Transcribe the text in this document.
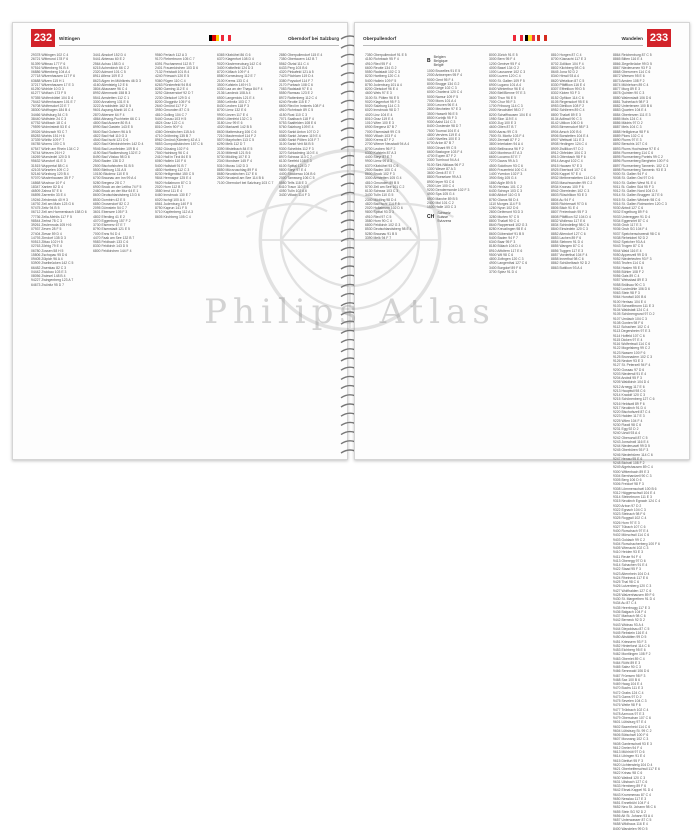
232	Wittingen	Oberndorf bei Salzburg
29378 Wittingen 102 C 4
26721 Wittmund 178 F 6
51399 Wittnau 177 F 6
97516 Wittenberg 91 B 4
06886 Wittenberg 104 A 4
27718 Witzenhausen 117 F 6
63688 Witzen 115 H 1
37217 Witzenhausen 17 E 3
61250 Wohlde 10 D 3
61277 Wolfach 173 F 5
97355 Wolfenbüttel 104 D 4
75442 Wolfenhausen 101 E 7
76708 Wolfersdorf 22 E 7
38300 Wolfhagen 184 B 4
34466 Wolfsburg 34 C 5
38440 Wolfstein 24 C 3
67752 Wollbach 18 C 4
79599 Wolmirstedt 53 E 4
39326 Wolnzach 93 C 7
85283 Worbis 151 H 6
37339 Wörlitz 109 F 7
06785 Worms 100 C 5
67547 Wörth am Rhein 134 C 2
76744 Wriezen 26 H 2
16269 Wunsiedel 120 D 5
95632 Wunstorf 41 E 3
31515 Wuppertal 88 C 4
42103 Würselen 109 C 2
52146 Würzburg 120 B 4
97070 Wusterhausen 35 F 7
16868 Wustrow 10 F 4
18347 Xanten 82 D 4
46509 Zahna 57 E 6
06895 Zarrentin 33 E 4
19246 Zehdenick 40 H 3
16792 Zeil am Main 123 G 6
97475 Zeitz 94 B 5
06712 Zell am Harmersbach 158 D 6
77736 Zella-Mehlis 117 F 5
98544 Zerbst 78 C 3
39261 Zeulenroda 105 H 6
07937 Zeven 28 F 5
27404 Ziesar 59 D 4
14793 Zirndorf 135 D 3
90513 Zittau 102 H 5
02763 Zörbig 79 E 4
06780 Zossen 58 H 5
15806 Zschopau 95 D 6
09405 Zülpich 96 A 4
53909 Zweibrücken 142 C 5
66482 Zwenkau 82 C 3
04442 Zwickau 103 E 3
08056 Zwiesel 148 B 4
94227 Zwingenberg 123 A 7
64673 Zwönitz 95 D 7
3441 Absdorf 152 D 4
5441 Abtenau 60 E 2
2564 Achau 158 D 4
6215 Achenkirch 66 C 2
2320 Admont 101 C 5
8911 Aflenz 109 E 2
8623 Aigen im Mühlkreis 46 D 3
4160 Allentsteig 12 E 6
3804 Altaussee 96 C 4
8992 Altenmarkt 158 B 3
5541 Amstetten 112 C 1
3300 Annaberg 131 E 6
3222 Arnoldstein 162 D 5
9601 Aspang-Markt 10 C 4
2870 Attersee 64 F 4
4864 Attnang-Puchheim 66 C 1
4800 Bad Aussee 80 B 4
8990 Bad Gastein 143 E 5
5640 Bad Goisern 96 A 5
4822 Bad Hall 110 G 3
4540 Bad Ischl 121 D 6
4820 Bad Kleinkirchheim 142 D 4
9546 Bad Leonfelden 109 B 4
4190 Bad Radkersburg 132 E 2
8490 Bad Vöslau 98 D 6
2540 Baden 136 D 2
2500 Bischofshofen 51 B 5
5500 Bleiburg 131 A 5
10150 Bludenz 110 E 5
6700 Braunau am Inn 99 A 4
5280 Bregenz 28 C 7
6900 Bruck an der Leitha 74 F 5
2460 Bruck an der Mur 64 E 1
8600 Deutschlandsberg 13 D 6
8530 Dornbirn 42 E 5
6850 Drosendorf 82 C 2
2095 Dürnstein 54 C 7
3601 Ebensee 105 F 3
4802 Eferding 41 E 2
4070 Eggenburg 157 F 2
3730 Eisenerz 67 E 7
8790 Eisenstadt 121 E 5
7000 Enns 94 D 4
4470 Faak am See 132 B 7
9583 Feldbach 133 C 6
8330 Feldkirch 143 D 5
6800 Feldkirchen 144 F 4
9560 Ferlach 112 A 3
9170 Fieberbrunn 105 C 7
6391 Fischamend 112 B 7
2401 Frauenkirchen 103 D 6
7132 Freistadt 101 B 4
4240 Friesach 120 E 5
9360 Fügen 110 C 4
6263 Fürstenfeld 94 B 6
8280 Gaming 112 E 4
3292 Gänserndorf 92 D 7
2230 Gleisdorf 129 D 4
8200 Gloggnitz 105 F 6
2640 Gmünd 117 F 2
3950 Gmunden 87 C 5
4810 Golling 104 C 7
5440 Gosau 103 H 5
4824 Graz 122 C 4
8010 Grein 90 F 6
4360 Grieskirchen 115 A 6
4710 Gröbming 135 B 7
8962 Gmünd (Kärnten) 42 A 1
9853 Gumpoldskirchen 157 C 6
2352 Güssing 102 F 6
7540 Hainburg 96 C 4
2410 Hall in Tirol 84 E 5
6060 Hallein 110 F 6
5400 Hallstatt 91 B 7
4830 Hartberg 112 C 3
8230 Heiligenblut 150 C 5
9844 Hermagor 125 E 4
9620 Hollabrunn 87 C 3
2020 Horn 112 B 7
3580 Imst 111 E 4
6460 Innsbruck 130 E 7
6020 Ischgl 100 A 4
6561 Judenburg 140 F 5
8750 Kaprun 141 F 5
5710 Kapfenberg 112 A 3
8605 Kirchberg 105 C 4
6365 Kitzbühel 86 G 6
6370 Klagenfurt 108 D 4
9020 Klosterneuburg 142 C 6
3400 Knittelfeld 124 D 3
8720 Köflach 109 F 4
8580 Korneuburg 112 E 7
2100 Krems 133 C 4
3500 Kufstein 149 H 3
6330 Laa an der Thaya 84 F 4
2136 Landeck 108 A 4
6500 Langenlois 121 E 4
3550 Leibnitz 103 C 7
8430 Leoben 118 F 3
8700 Lienz 132 E 6
9900 Liezen 117 E 4
8940 Lilienfeld 132 C 3
3180 Linz 99 E 6
4020 Mariazell 142 B 5
8630 Mattersburg 106 C 6
7210 Mauterndorf 114 F 2
5570 Mayrhofen 113 C 5
6290 Melk 112 D 7
3390 Mistelbach 84 E 5
2130 Mittersill 121 B 6
5730 Mödling 107 E 3
2340 Mondsee 145 F 4
5310 Murau 142 D 3
8850 Mürzzuschlag 89 F 6
8680 Neunkirchen 117 E 6
2620 Neusiedl am See 114 B 6
7100 Oberndorf bei Salzburg 103 C 7
2880 Oberpullendorf 115 E 4
7350 Obertauern 142 B 7
5562 Ötztal 111 C 4
6433 Perg 103 B 6
4320 Pinkafeld 121 A 5
7423 Pöchlarn 119 D 4
3380 Poysdorf 114 F 7
2170 Purbach 108 C 6
7083 Radstadt 97 E 4
5550 Ramsau 123 E 2
8972 Rattenberg 112 C 4
6240 Reutte 115 E 7
6600 Ried im Innkreis 108 F 4
4910 Rohrbach 89 C 5
4150 Rust 110 C 3
7071 Saalbach 118 F 4
5753 Saalfelden 108 E 6
5760 Salzburg 109 E 4
5020 Sankt Anton 107 D 2
6580 Sankt Johann 119 E 4
6380 Sankt Pölten 103 F 7
3100 Sankt Veit 84 B 5
9300 Scheibbs 112 F 3
3270 Schladming 110 E 4
8970 Schwaz 113 C 7
6130 Seefeld 108 E 3
6100 Spittal 124 D 7
9800 Steyr 97 E 4
4400 Stockerau 104 B 6
2000 Tamsweg 106 C 5
5580 Telfs 118 E 3
6410 Traun 110 E 6
4050 Tulln 102 A 6
3430 Villach 114 F 3
233
Oberpullendorf	Wandelen
7350 Oberpullendorf 91 E 5
4150 Rohrbach 95 F 4
4910 Ried 95 F 4
6600 Reutte 134 G 2
5550 Radstadt 102 C 3
8230 Hartberg 120 C 4
5400 Hallein 109 F 5
8750 Judenburg 101 A 4
8200 Gleisdorf 96 E 4
4600 Wels 97 E 3
3100 St. Pölten 96 E 5
9020 Klagenfurt 95 F 3
5020 Salzburg 114 C 3
6020 Innsbruck 98 D 7
4020 Linz 104 E 4
8010 Graz 119 E 4
1010 Wien 100 E 3
6900 Bregenz 87 B 7
7000 Eisenstadt 99 C 5
9500 Villach 103 F 4
3500 Krems 87 F 2
2700 Wiener Neustadt 94 A 4
8700 Leoben 96 F 2
6330 Kufstein 87 A 3
4400 Steyr 87 E 7
9900 Lienz 99 A 3
6370 Kitzbühel 93 C 6
2500 Baden 100 C 4
8600 Bruck 102 F 3
3300 Amstetten 105 G 4
4810 Gmunden 89 B 5
5700 Zell am See 101 C 2
6130 Schwaz 103 C 3
3430 Tulln 110 G 5
2340 Mödling 98 D 4
4820 Bad Ischl 114 F 5
2020 Hollabrunn 102 D 6
9800 Spittal 93 D 3
4910 Ried 97 C 5
3580 Horn 90 C 4
6800 Feldkirch 102 G 3
8530 Deutschlandsberg 98 E 4
5280 Braunau 91 B 5
3390 Melk 94 F 7
B
Belgien
Belgique
België
1000 Bruxelles 91 E 5
2000 Antwerpen 95 F 4
9000 Gent 95 F 4
8000 Brugge 134 G 2
4000 Liège 102 C 3
6000 Charleroi 120 C 4
5000 Namur 109 F 5
7000 Mons 101 A 4
3000 Leuven 96 E 4
2800 Mechelen 97 E 3
3500 Hasselt 96 E 5
8500 Kortrijk 95 F 3
9300 Aalst 114 C 3
8400 Oostende 98 D 7
7500 Tournai 104 E 4
4800 Verviers 119 E 4
1400 Nivelles 100 E 3
6700 Arlon 87 B 7
5500 Dinant 99 C 5
6600 Bastogne 103 F 4
4700 Eupen 87 F 2
2300 Turnhout 94 A 4
9100 Sint-Niklaas 96 F 2
1300 Wavre 87 A 3
3600 Genk 87 E 7
8800 Roeselare 99 A 3
8900 Ieper 93 C 6
2500 Lier 100 C 4
9200 Dendermonde 102 F 3
4900 Spa 105 G 4
6900 Marche 89 B 5
2400 Mol 101 C 2
1500 Halle 103 C 3
CH
Schweiz
Suisse
Svizzera
8000 Zürich 91 E 5
3000 Bern 95 F 4
1200 Genève 95 F 4
4000 Basel 134 G 2
1000 Lausanne 102 C 3
6000 Luzern 120 C 4
9000 St. Gallen 109 F 5
6900 Lugano 101 A 4
8400 Winterthur 96 E 4
2500 Biel/Bienne 97 E 3
3600 Thun 96 E 5
7000 Chur 95 F 3
1700 Fribourg 114 C 3
2000 Neuchâtel 98 D 7
8200 Schaffhausen 104 E 4
1950 Sion 119 E 4
6300 Zug 100 E 3
4600 Olten 87 B 7
5000 Aarau 99 C 5
7500 St. Moritz 103 F 4
3920 Zermatt 87 F 2
3800 Interlaken 94 A 4
6500 Bellinzona 96 F 2
1820 Montreux 87 A 3
6600 Locarno 87 E 7
7270 Davos 99 A 3
4500 Solothurn 93 C 6
8500 Frauenfeld 100 C 4
1400 Yverdon 102 F 3
3900 Brig 105 G 4
1860 Aigle 89 B 5
9100 Herisau 101 C 2
6430 Schwyz 103 C 3
6460 Altdorf 110 G 5
8750 Glarus 98 D 4
1110 Morges 114 F 5
1260 Nyon 102 D 6
2800 Delémont 93 D 3
3280 Murten 97 C 5
8800 Thalwil 90 C 4
8640 Rapperswil 102 G 3
8280 Kreuzlingen 98 E 4
8600 Dübendorf 91 B 5
5400 Baden 94 F 7
6340 Baar 95 F 3
8180 Bülach 104 D 4
8910 Affoltern 117 E 6
9500 Wil 98 C 6
4800 Zofingen 120 C 3
4900 Langenthal 127 C 6
3400 Burgdorf 89 F 6
3700 Spiez 91 D 4
8810 Horgen 87 C 4
8700 Küsnacht 117 E 3
8702 Zollikon 104 F 4
8802 Kilchberg 98 C 6
8645 Jona 92 D 2
8340 Hinwil 93 A 4
8620 Wetzikon 87 C 5
8330 Pfäffikon 116 E 4
8307 Effretikon 99 D 5
8302 Kloten 93 F 3
8152 Opfikon 114 C 6
8105 Regensdorf 95 E 6
8953 Dietikon 108 F 2
8952 Schlieren 89 C 4
8800 Thalwil 89 E 3
8134 Adliswil 90 C 3
8142 Uitikon 106 D 6
8903 Birmensdorf 98 F 3
8904 Aesch 100 B 6
8906 Bonstetten 104 E 4
8907 Wettswil 111 E 3
8908 Hedingen 124 C 4
8909 Zwillikon 97 D 2
8912 Obfelden 104 C 3
8913 Ottenbach 98 F 6
8914 Aeugst 102 C 4
8915 Hausen 97 E 3
8925 Ebertswil 107 C 6
8926 Kappel 97 E 4
8932 Mettmenstetten 114 C 6
8933 Maschwanden 99 C 2
8934 Knonau 100 F 6
8942 Oberrieden 102 C 3
8803 Rüschlikon 93 E 3
8804 Au 94 F 4
8805 Richterswil 97 D 6
8806 Bäch 91 E 4
8807 Freienbach 95 F 3
8808 Pfäffikon SZ 104 D 4
8832 Wollerau 117 E 6
8834 Schindellegi 98 C 6
8840 Einsiedeln 120 C 3
8852 Altendorf 127 C 6
8853 Lachen 89 F 6
8854 Siebnen 91 D 4
8855 Wangen 87 C 4
8856 Tuggen 117 E 3
8857 Vorderthal 104 F 4
8858 Innerthal 98 C 6
8862 Schübelbach 92 D 2
8863 Buttikon 93 A 4
8864 Reichenburg 87 C 5
8865 Bilten 116 E 4
8866 Ziegelbrücke 99 D 5
8867 Niederurnen 93 F 3
8868 Oberurnen 114 C 6
8872 Weesen 95 E 6
8873 Amden 108 F 2
8874 Mühlehorn 89 C 4
8877 Murg 89 E 3
8878 Quinten 90 C 3
8880 Walenstadt 106 D 6
8881 Tscherlach 98 F 3
8882 Unterterzen 100 B 6
8883 Quarten 104 E 4
8884 Oberterzen 111 E 3
8885 Mols 124 C 4
8886 Mädris 97 D 2
8887 Mels 104 C 3
8888 Heiligkreuz 98 F 6
8889 Plons 102 C 4
8890 Flums 97 E 3
8892 Berschis 107 C 6
8893 Flums Hochwiese 97 E 4
8894 Flumserberg 114 C 6
8895 Flumserberg Portels 99 C 2
8896 Flumserberg Bergheim 100 F 6
8897 Flumserberg Tannenh. 102 C 3
8898 Flumserberg Tannenb. 93 E 3
9000 St. Gallen 94 F 4
9008 St. Gallen Ost 97 D 6
9010 St. Gallen West 91 E 4
9011 St. Gallen Süd 95 F 3
9012 St. Gallen Nord 104 D 4
9014 St. Gallen Bruggen 117 E 6
9015 St. Gallen Winkeln 98 C 6
9016 St. Gallen Rotmonten 120 C 3
9030 Abtwil 127 C 6
9032 Engelburg 89 F 6
9033 Untereggen 91 D 4
9034 Eggersriet 87 C 4
9035 Grub 117 E 3
9036 Grub SG 104 F 4
9037 Speicherschwendi 98 C 6
9038 Rehetobel 92 D 2
9042 Speicher 93 A 4
9043 Trogen 87 C 5
9044 Wald 116 E 4
9050 Appenzell 99 D 5
9052 Niederteufen 93 F 3
9053 Teufen 114 C 6
9054 Haslen 95 E 6
9055 Bühler 108 F 2
9056 Gais 89 C 4
9057 Weissbad 89 E 3
9058 Brülisau 90 C 3
9062 Lustmühle 106 D 6
9063 Stein 98 F 3
9064 Hundwil 100 B 6
9100 Herisau 104 E 4
9103 Schwellbrunn 111 E 3
9104 Waldstatt 124 C 4
9105 Schönengrund 97 D 2
9107 Urnäsch 104 C 3
9108 Gonten 98 F 6
9112 Schachen 102 C 4
9113 Degersheim 97 E 3
9114 Hoffeld 107 C 6
9115 Dicken 97 E 4
9116 Wolfertswil 114 C 6
9122 Mogelsberg 99 C 2
9123 Nassen 100 F 6
9125 Brunnadern 102 C 3
9126 Necker 93 E 3
9127 St. Peterzell 94 F 4
9200 Gossau 97 D 6
9203 Niederwil 91 E 4
9204 Andwil 95 F 3
9205 Waldkirch 104 D 4
9212 Arnegg 117 E 6
9213 Hauptwil 98 C 6
9214 Kradolf 120 C 3
9215 Schönenberg 127 C 6
9216 Heldswil 89 F 6
9217 Neukirch 91 D 4
9220 Bischofszell 87 C 4
9223 Halden 117 E 3
9225 Wilen 104 F 4
9230 Flawil 98 C 6
9231 Egg 92 D 2
9240 Uzwil 93 A 4
9242 Oberuzwil 87 C 5
9243 Jonschwil 116 E 4
9244 Niederuzwil 99 D 5
9245 Oberbüren 93 F 3
9246 Niederbüren 114 C 6
9247 Henau 95 E 6
9248 Bichwil 108 F 2
9249 Algetshausen 89 C 4
9300 Wittenbach 89 E 3
9304 Bernhardzell 90 C 3
9305 Berg 106 D 6
9306 Freidorf 98 F 3
9308 Lömmenschwil 100 B 6
9312 Häggenschwil 104 E 4
9314 Steinebrunn 111 E 3
9315 Neukirch Egnach 124 C 4
9320 Arbon 97 D 2
9322 Egnach 104 C 3
9323 Steinach 98 F 6
9325 Roggwil 102 C 4
9326 Horn 97 E 3
9327 Tübach 107 C 6
9400 Rorschach 97 E 4
9402 Mörschwil 114 C 6
9403 Goldach 99 C 2
9404 Rorschacherberg 100 F 6
9405 Wienacht 102 C 3
9410 Heiden 93 E 3
9411 Reute 94 F 4
9413 Oberegg 97 D 6
9414 Schachen 91 E 4
9422 Staad 95 F 3
9423 Altenrhein 104 D 4
9424 Rheineck 117 E 6
9425 Thal 98 C 6
9426 Lutzenberg 120 C 3
9427 Wolfhalden 127 C 6
9428 Walzenhausen 89 F 6
9430 St. Margrethen 91 D 4
9434 Au 87 C 4
9435 Heerbrugg 117 E 3
9436 Balgach 104 F 4
9437 Marbach 98 C 6
9442 Berneck 92 D 2
9443 Widnau 93 A 4
9444 Diepoldsau 87 C 5
9445 Rebstein 116 E 4
9450 Altstätten 99 D 5
9451 Kriessern 93 F 3
9452 Hinterforst 114 C 6
9453 Eichberg 95 E 6
9462 Montlingen 108 F 2
9463 Oberriet 89 C 4
9464 Rüthi 89 E 3
9465 Salez 90 C 3
9466 Sennwald 106 D 6
9467 Frümsen 98 F 3
9468 Sax 100 B 6
9469 Haag 104 E 4
9470 Buchs 111 E 3
9472 Grabs 124 C 4
9473 Gams 97 D 2
9475 Sevelen 104 C 3
9476 Weite 98 F 6
9477 Trübbach 102 C 4
9478 Azmoos 97 E 3
9479 Oberschan 107 C 6
9601 Lütisburg 97 E 4
9602 Bazenheid 114 C 6
9604 Lütisburg St. 99 C 2
9606 Bütschwil 100 F 6
9607 Mosnang 102 C 3
9608 Ganterschwil 93 E 3
9612 Dreien 94 F 4
9613 Mühlrüti 97 D 6
9614 Libingen 91 E 4
9615 Dietfurt 95 F 3
9620 Lichtensteig 104 D 4
9621 Oberhelfenschwil 117 E 6
9622 Krinau 98 C 6
9630 Wattwil 120 C 3
9631 Ulisbach 127 C 6
9633 Hemberg 89 F 6
9642 Ebnat-Kappel 91 D 4
9643 Krummenau 87 C 4
9650 Nesslau 117 E 3
9651 Ennetbühl 104 F 4
9652 Neu St. Johann 98 C 6
9655 Stein SG 92 D 2
9656 Alt St. Johann 93 A 4
9657 Unterwasser 87 C 5
9658 Wildhaus 116 E 4
8400 Wandelen 99 D 5
Philips Atlas
